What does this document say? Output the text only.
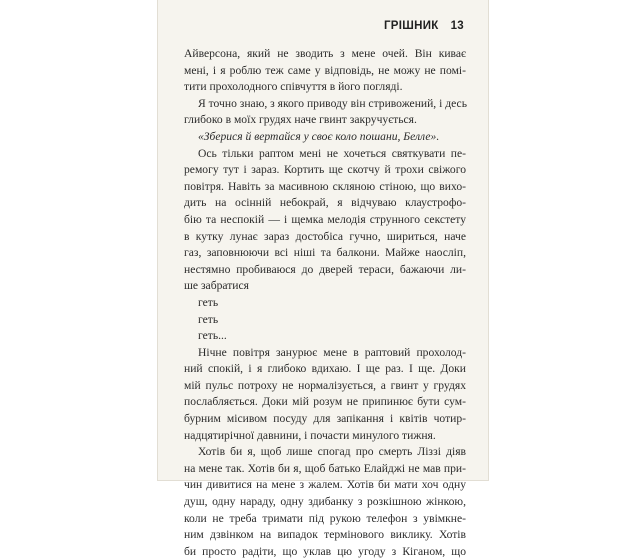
ГРІШНИК 13
Айверсона, який не зводить з мене очей. Він киває
мені, і я роблю теж саме у відповідь, не можу не помі-
тити прохолодного співчуття в його погляді.
Я точно знаю, з якого приводу він стривожений, і десь
глибоко в моїх грудях наче гвинт закручується.
«Зберися й вертайся у своє коло пошани, Белле».
Ось тільки раптом мені не хочеться святкувати пе-
ремогу тут і зараз. Кортить ще скотчу й трохи свіжого
повітря. Навіть за масивною скляною стіною, що вихо-
дить на осінній небокрай, я відчуваю клаустрофо-
бію та неспокій — і щемка мелодія струнного секстету
в кутку лунає зараз достобіса гучно, шириться, наче
газ, заповнюючи всі ніші та балкони. Майже наосліп,
нестямно пробиваюся до дверей тераси, бажаючи ли-
ше забратися
геть
геть
геть...
Нічне повітря занурює мене в раптовий прохолод-
ний спокій, і я глибоко вдихаю. І ще раз. І ще. Доки
мій пульс потроху не нормалізується, а гвинт у грудях
послабляється. Доки мій розум не припинює бути сум-
бурним місивом посуду для запікання і квітів чотир-
надцятирічної давнини, і почасти минулого тижня.
Хотів би я, щоб лише спогад про смерть Ліззі діяв
на мене так. Хотів би я, щоб батько Елайджі не мав при-
чин дивитися на мене з жалем. Хотів би мати хоч одну
душ, одну нараду, одну здибанку з розкішною жінкою,
коли не треба тримати під рукою телефон з увімкне-
ним дзвінком на випадок термінового виклику. Хотів
би просто радіти, що уклав цю угоду з Кіганом, що
